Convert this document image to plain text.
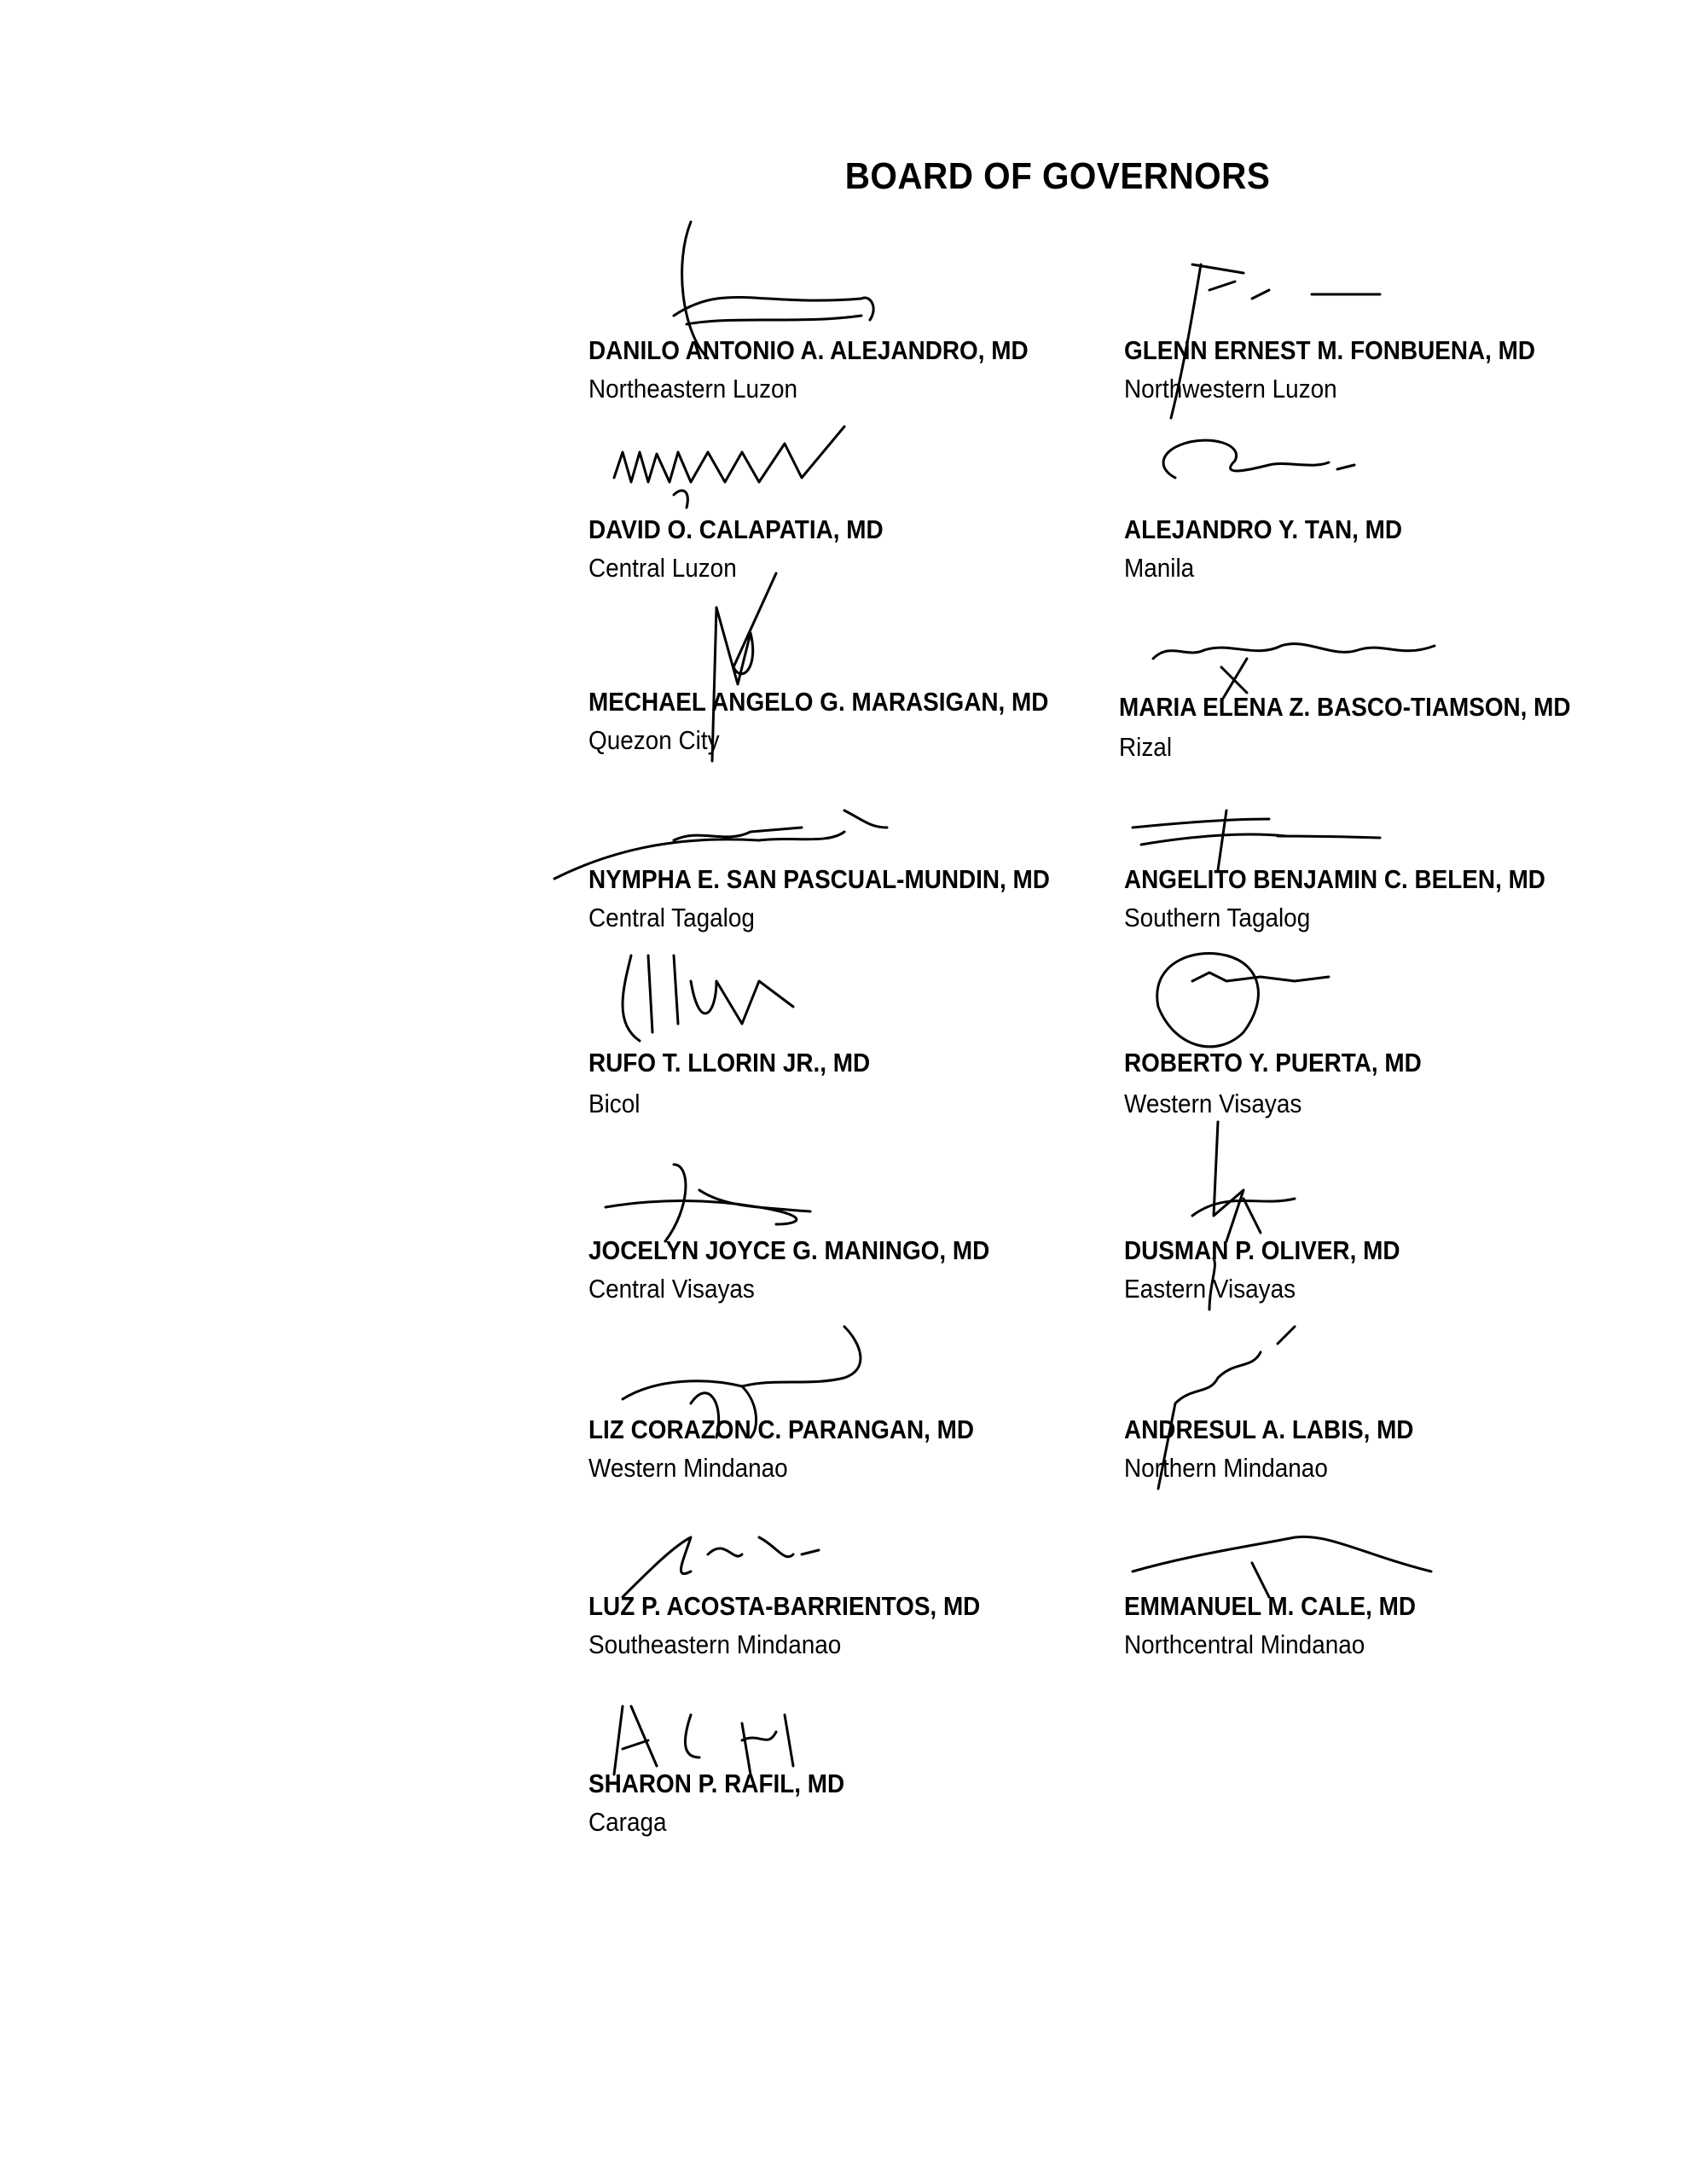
BOARD OF GOVERNORS
DANILO ANTONIO A. ALEJANDRO, MD
Northeastern Luzon
GLENN ERNEST M. FONBUENA, MD
Northwestern Luzon
DAVID O. CALAPATIA, MD
Central Luzon
ALEJANDRO Y. TAN, MD
Manila
MECHAEL ANGELO G. MARASIGAN, MD
Quezon City
MARIA ELENA Z. BASCO-TIAMSON, MD
Rizal
NYMPHA E. SAN PASCUAL-MUNDIN, MD
Central Tagalog
ANGELITO BENJAMIN C. BELEN, MD
Southern Tagalog
RUFO T. LLORIN JR., MD
Bicol
ROBERTO Y. PUERTA, MD
Western Visayas
JOCELYN JOYCE G. MANINGO, MD
Central Visayas
DUSMAN P. OLIVER, MD
Eastern Visayas
LIZ CORAZON C. PARANGAN, MD
Western Mindanao
ANDRESUL A. LABIS, MD
Northern Mindanao
LUZ P. ACOSTA-BARRIENTOS, MD
Southeastern Mindanao
EMMANUEL M. CALE, MD
Northcentral Mindanao
SHARON P. RAFIL, MD
Caraga
